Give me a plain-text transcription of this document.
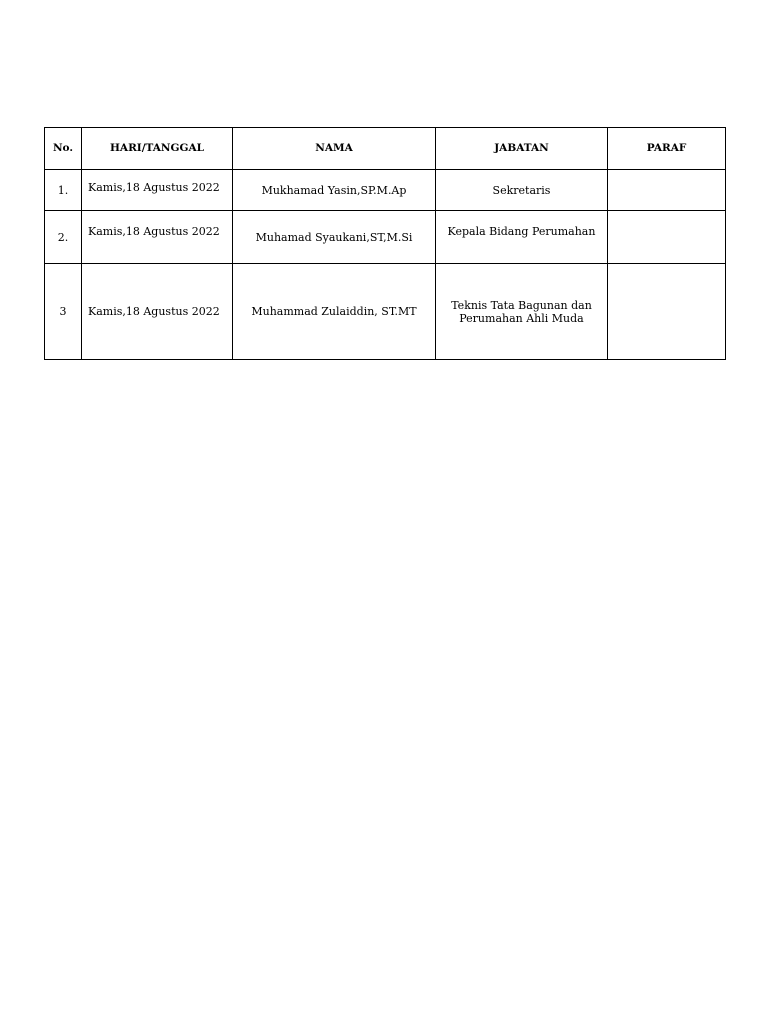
No.	HARI/TANGGAL	NAMA	JABATAN	PARAF
1.	Kamis,18 Agustus 2022	Mukhamad Yasin,SP.M.Ap	Sekretaris	
2.	Kamis,18 Agustus 2022	Muhamad Syaukani,ST,M.Si	Kepala Bidang Perumahan	

3	Kamis,18 Agustus 2022	Muhammad Zulaiddin, ST.MT	Teknis Tata Bagunan dan Perumahan Ahli Muda	
